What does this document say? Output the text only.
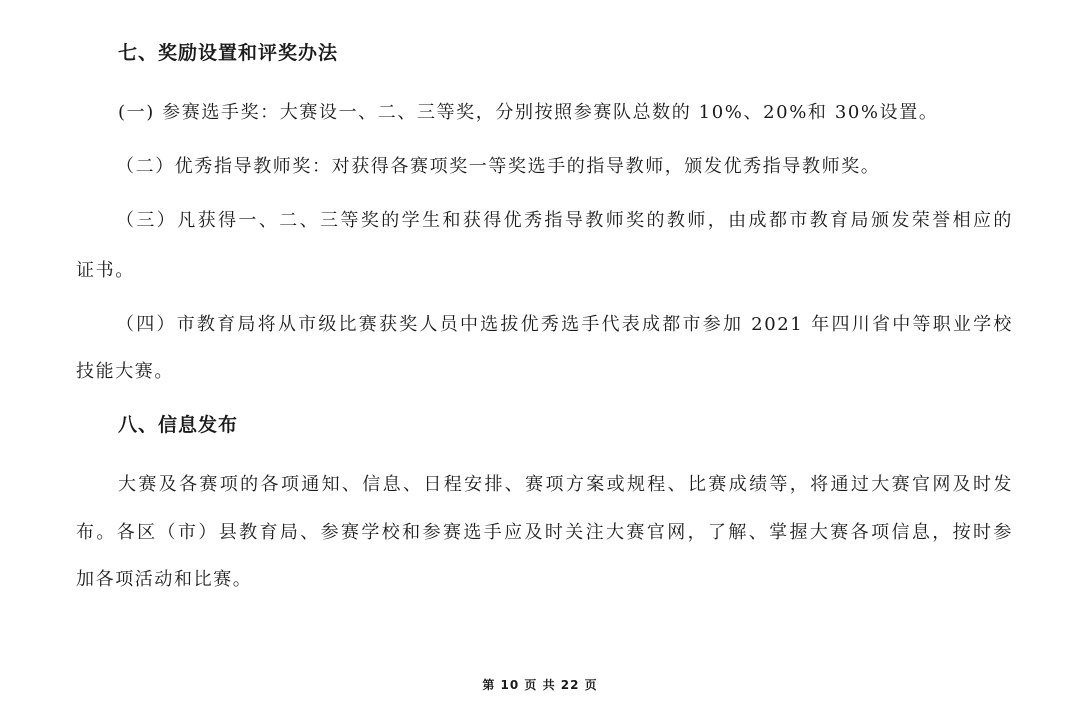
七、奖励设置和评奖办法
(一) 参赛选手奖：大赛设一、二、三等奖，分别按照参赛队总数的 10%、20%和 30%设置。
（二）优秀指导教师奖：对获得各赛项奖一等奖选手的指导教师，颁发优秀指导教师奖。
（三）凡获得一、二、三等奖的学生和获得优秀指导教师奖的教师，由成都市教育局颁发荣誉相应的
证书。
（四）市教育局将从市级比赛获奖人员中选拔优秀选手代表成都市参加 2021 年四川省中等职业学校
技能大赛。
八、信息发布
大赛及各赛项的各项通知、信息、日程安排、赛项方案或规程、比赛成绩等，将通过大赛官网及时发
布。各区（市）县教育局、参赛学校和参赛选手应及时关注大赛官网，了解、掌握大赛各项信息，按时参
加各项活动和比赛。
第 10 页 共 22 页
